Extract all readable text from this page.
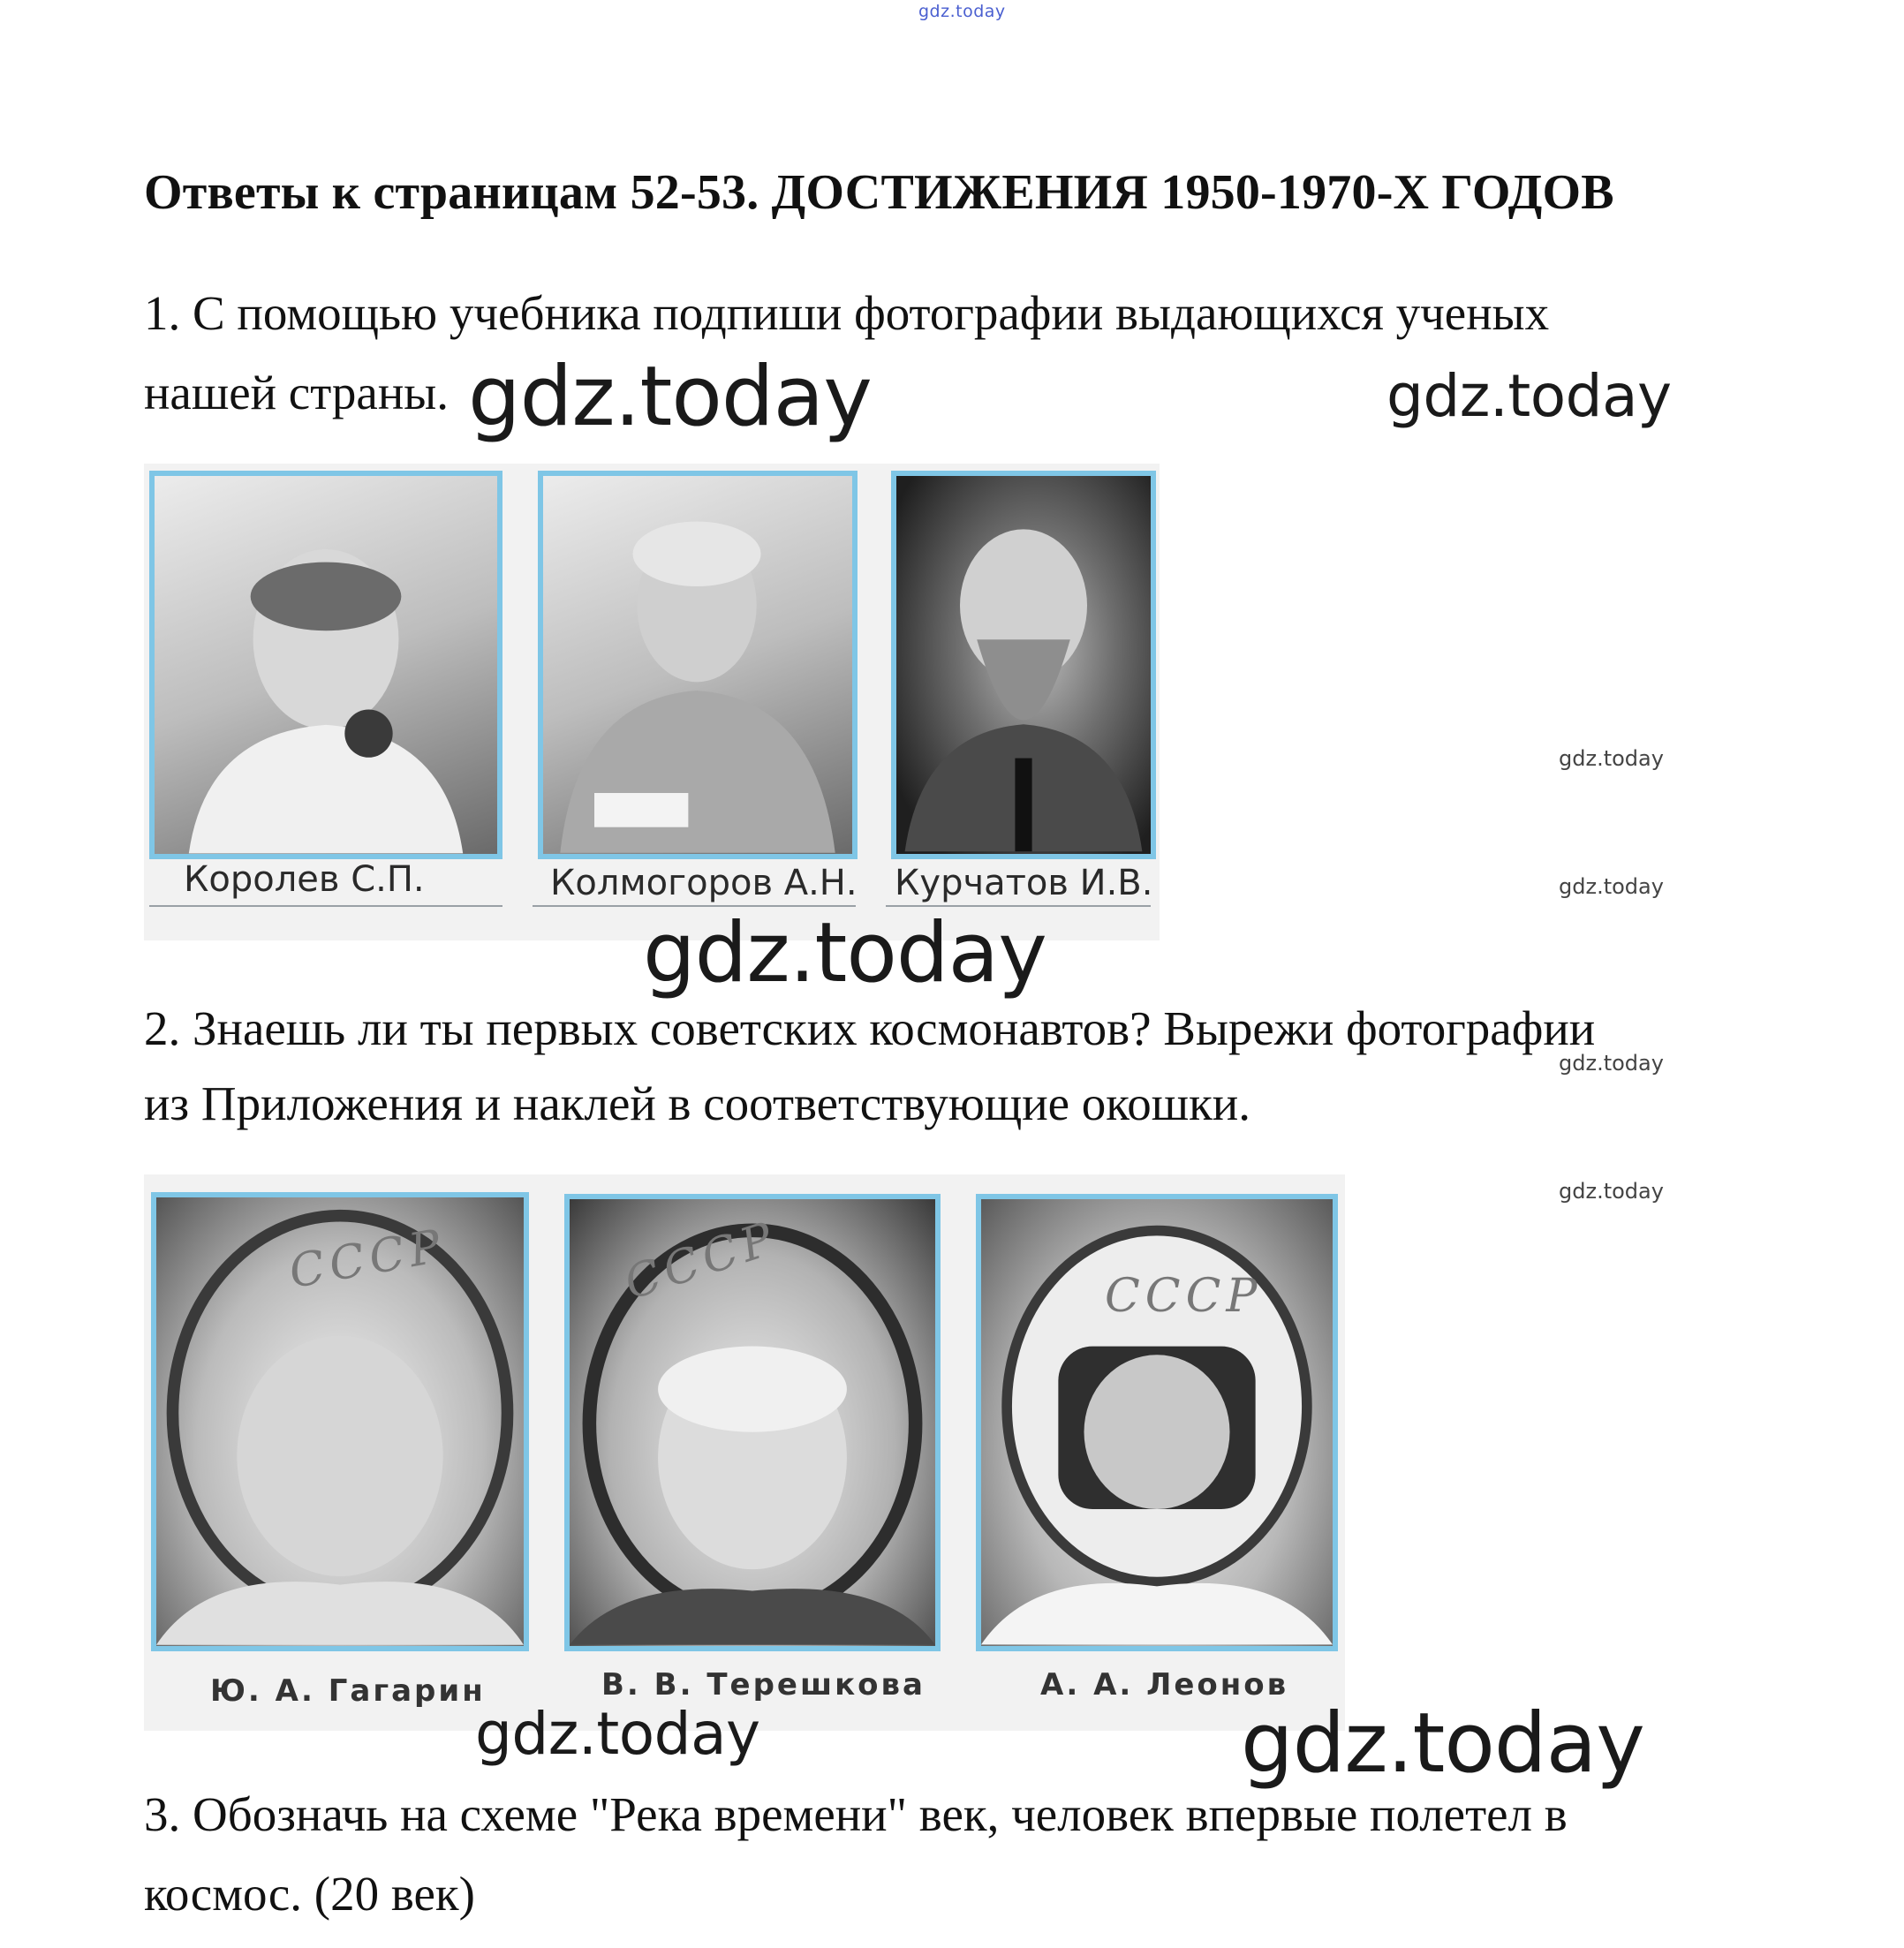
gdz.today
Ответы к страницам 52-53. ДОСТИЖЕНИЯ 1950-1970-Х ГОДОВ
1. С помощью учебника подпиши фотографии выдающихся ученых
нашей страны. gdz.today	gdz.today
Королев С.П.	Колмогоров А.Н. Курчатов И.В.
gdz.today
gdz.today
gdz.today
2. Знаешь ли ты первых советских космонавтов? Вырежи фотографии
gdz.today
из Приложения и наклей в соответствующие окошки.
gdz.today
CCCP	CCCP	CCCP
Ю. А. Гагарин	В. В. Терешкова	А. А. Леонов
gdz.today	gdz.today
3. Обозначь на схеме "Река времени" век, человек впервые полетел в
космос. (20 век)
